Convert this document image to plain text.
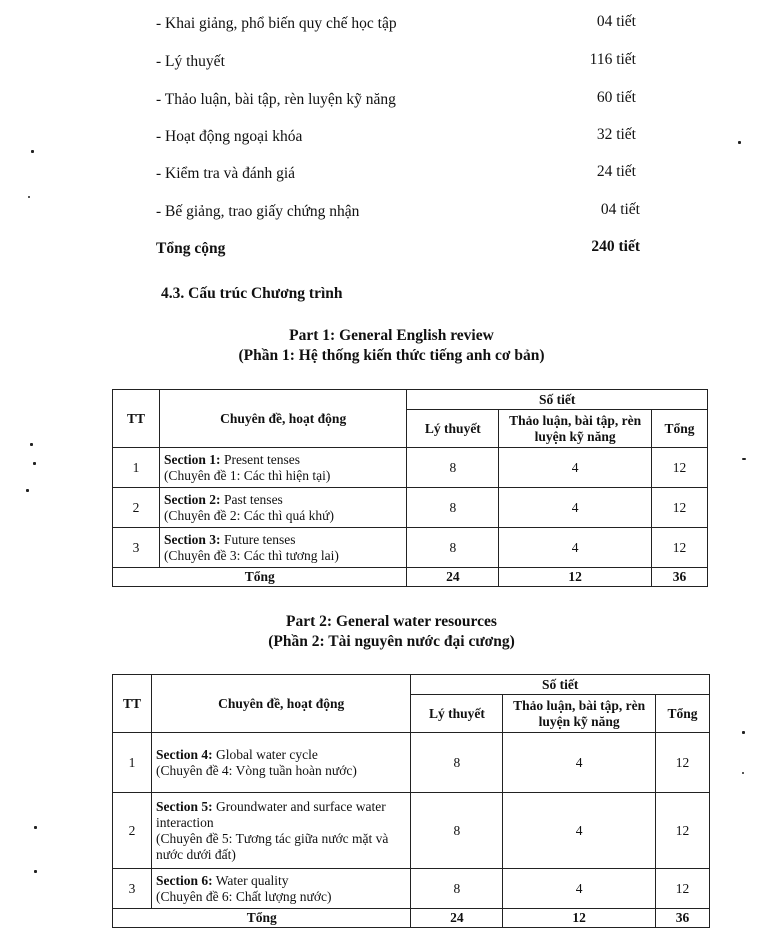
- Khai giảng, phổ biến quy chế học tập	04 tiết
- Lý thuyết	116 tiết
- Thảo luận, bài tập, rèn luyện kỹ năng	60 tiết
- Hoạt động ngoại khóa	32 tiết
- Kiểm tra và đánh giá	24 tiết
- Bế giảng, trao giấy chứng nhận	04 tiết
Tổng cộng	240 tiết
4.3. Cấu trúc Chương trình
Part 1: General English review
(Phần 1: Hệ thống kiến thức tiếng anh cơ bản)
TT	Chuyên đề, hoạt động	Số tiết		
		Lý thuyết	Thảo luận, bài tập, rèn luyện kỹ năng	Tổng
1	Section 1: Present tenses
(Chuyên đề 1: Các thì hiện tại)	8	4	12
2	Section 2: Past tenses
(Chuyên đề 2: Các thì quá khứ)	8	4	12
3	Section 3: Future tenses
(Chuyên đề 3: Các thì tương lai)	8	4	12
Tổng		24	12	36
Part 2: General water resources
(Phần 2: Tài nguyên nước đại cương)
TT	Chuyên đề, hoạt động	Số tiết		
		Lý thuyết	Thảo luận, bài tập, rèn luyện kỹ năng	Tổng
1	Section 4: Global water cycle
(Chuyên đề 4: Vòng tuần hoàn nước)	8	4	12
2	Section 5: Groundwater and surface water interaction
(Chuyên đề 5: Tương tác giữa nước mặt và nước dưới đất)	8	4	12
3	Section 6: Water quality
(Chuyên đề 6: Chất lượng nước)	8	4	12
Tổng		24	12	36
